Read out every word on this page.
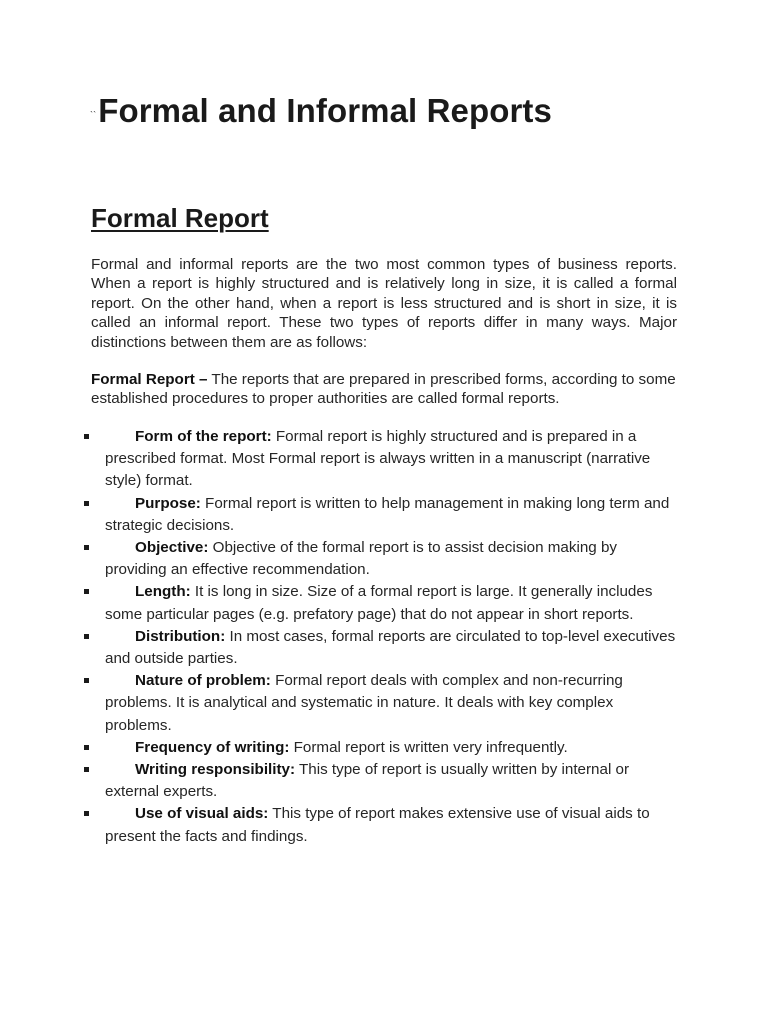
``Formal and Informal Reports
Formal Report

Formal and informal reports are the two most common types of business reports. When a report is highly structured and is relatively long in size, it is called a formal report. On the other hand, when a report is less structured and is short in size, it is called an informal report. These two types of reports differ in many ways. Major distinctions between them are as follows:

Formal Report – The reports that are prepared in prescribed forms, according to some established procedures to proper authorities are called formal reports.

Form of the report: Formal report is highly structured and is prepared in a prescribed format. Most Formal report is always written in a manuscript (narrative style) format.
Purpose: Formal report is written to help management in making long term and strategic decisions.
Objective: Objective of the formal report is to assist decision making by providing an effective recommendation.
Length: It is long in size. Size of a formal report is large. It generally includes some particular pages (e.g. prefatory page) that do not appear in short reports.
Distribution: In most cases, formal reports are circulated to top-level executives and outside parties.
Nature of problem: Formal report deals with complex and non-recurring problems. It is analytical and systematic in nature. It deals with key complex problems.
Frequency of writing: Formal report is written very infrequently.
Writing responsibility: This type of report is usually written by internal or external experts.
Use of visual aids: This type of report makes extensive use of visual aids to present the facts and findings.
